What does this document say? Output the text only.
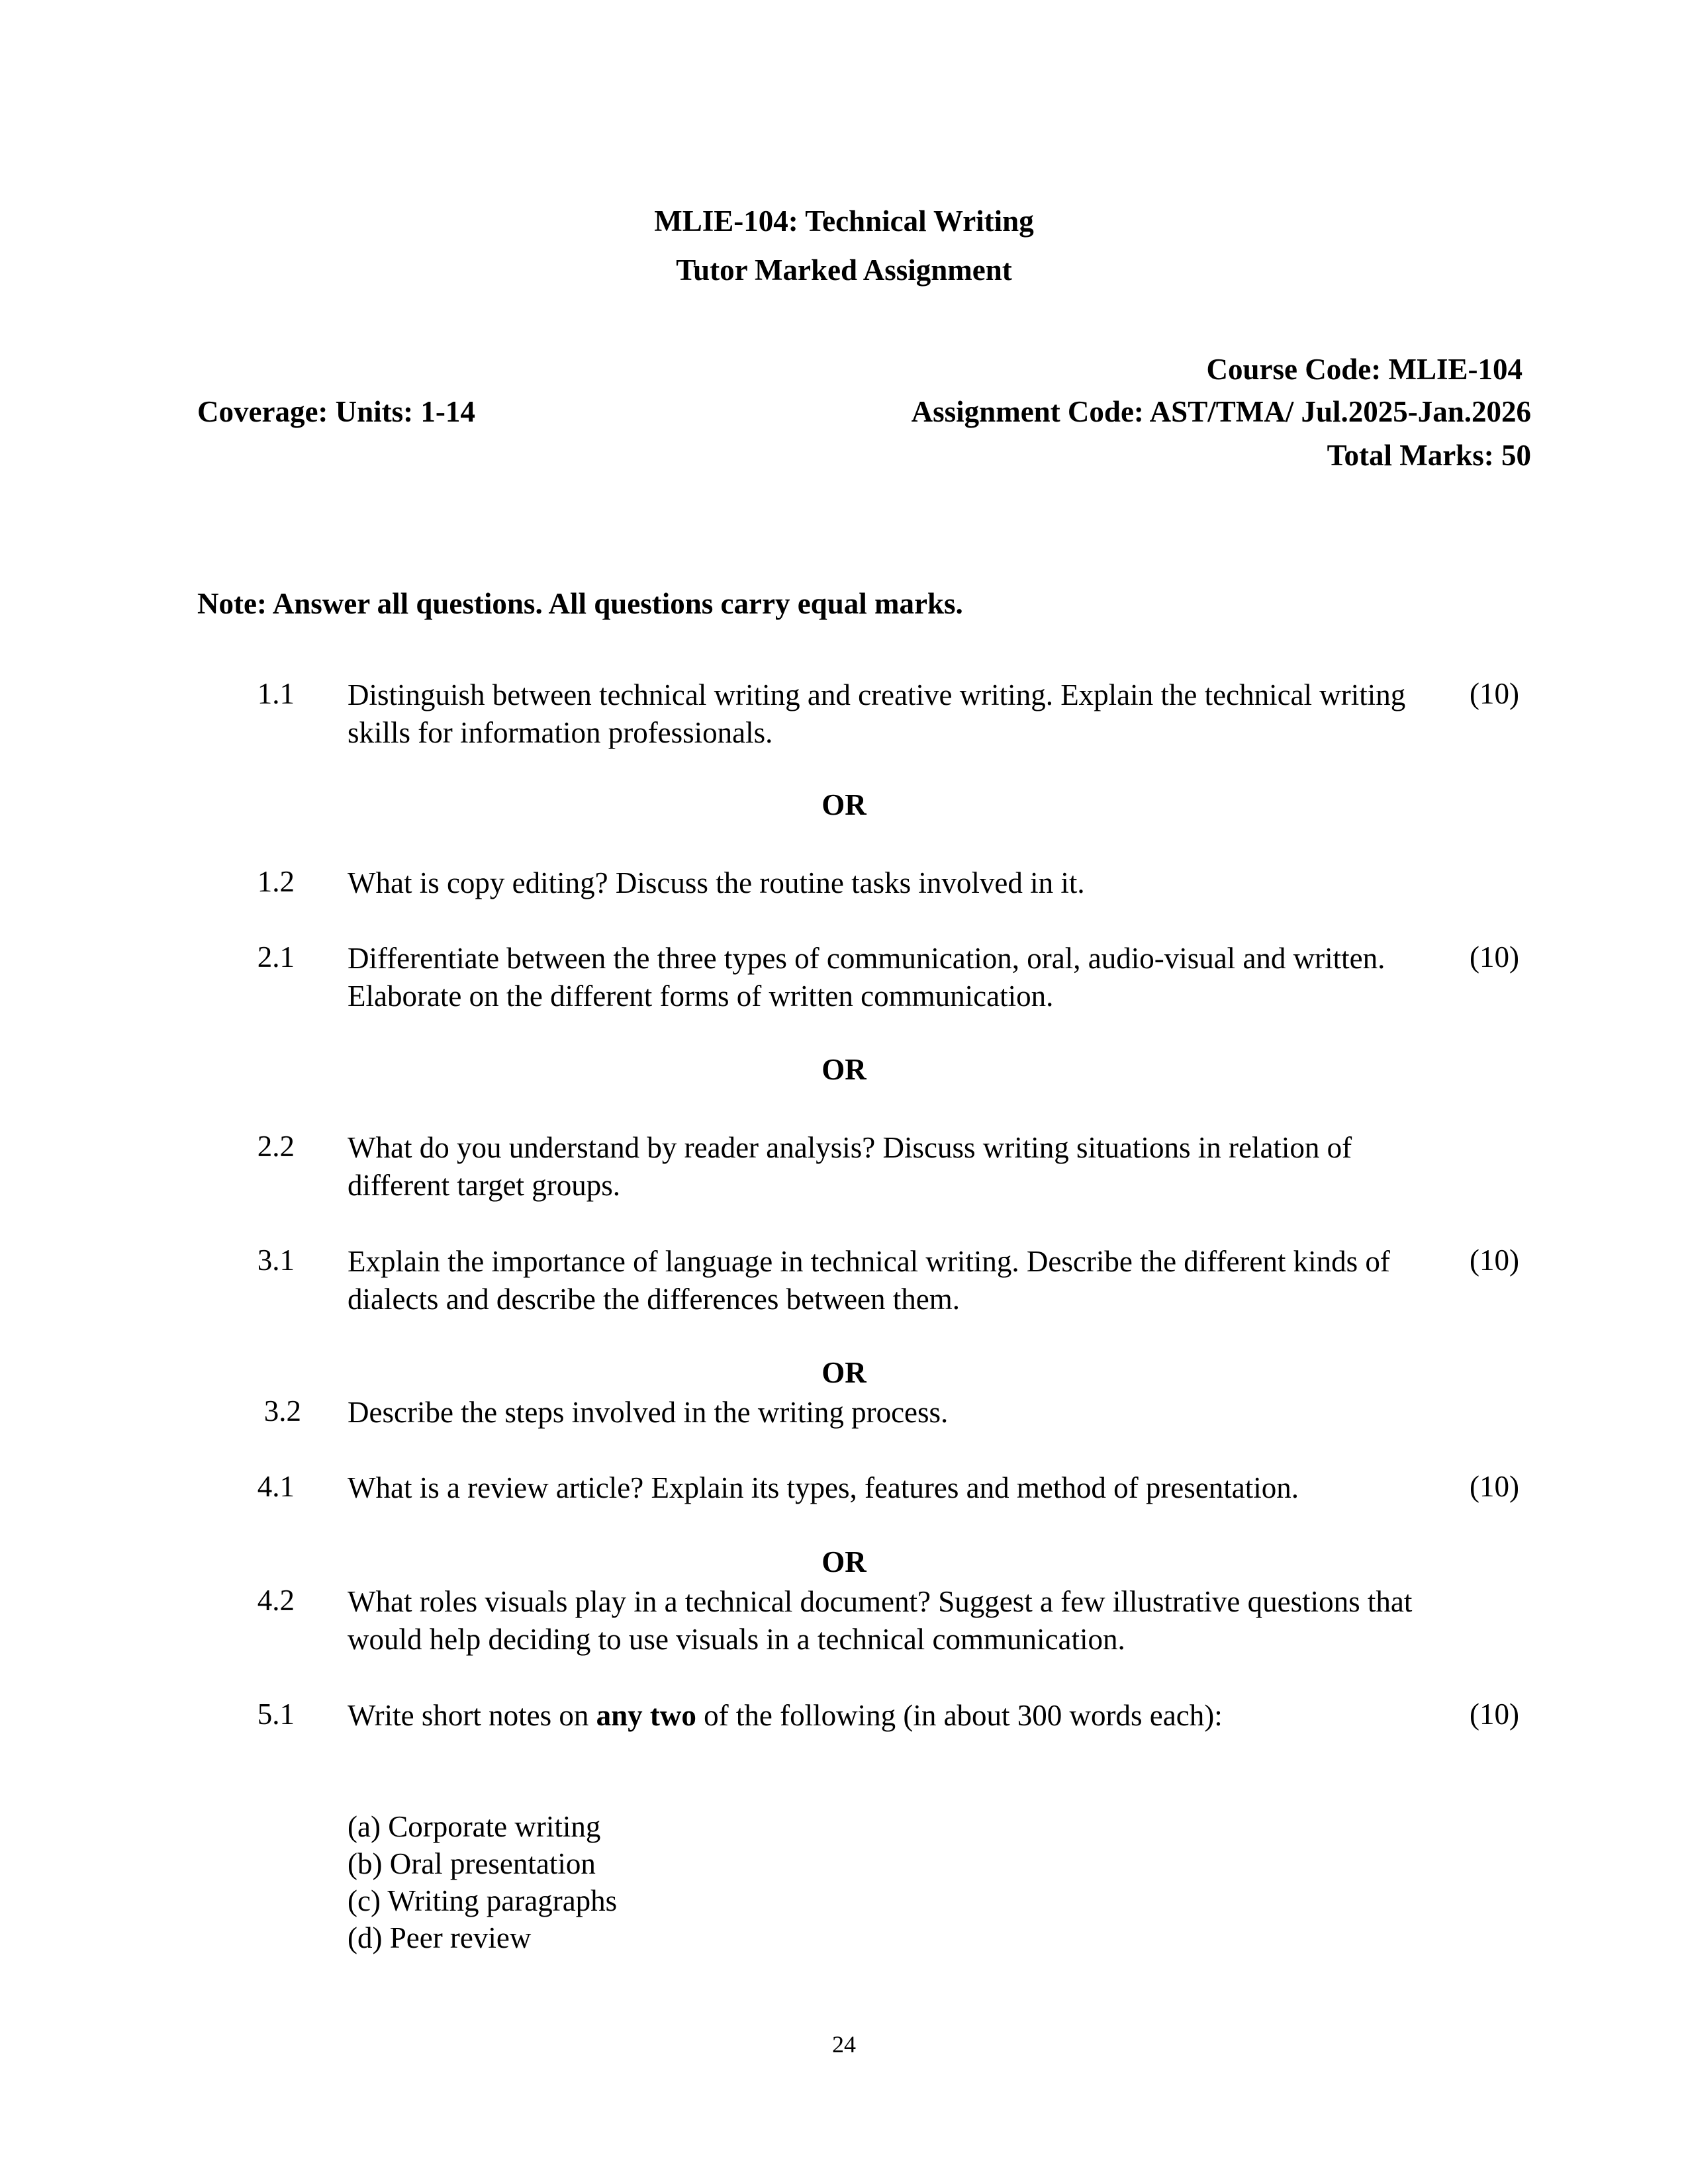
MLIE-104: Technical Writing
Tutor Marked Assignment
Course Code: MLIE-104
Coverage: Units: 1-14	Assignment Code: AST/TMA/ Jul.2025-Jan.2026
Total Marks: 50
Note: Answer all questions. All questions carry equal marks.
1.1 Distinguish between technical writing and creative writing. Explain the technical writing skills for information professionals.
(10)
OR
1.2 What is copy editing? Discuss the routine tasks involved in it.
2.1 Differentiate between the three types of communication, oral, audio-visual and written. Elaborate on the different forms of written communication.
(10)
OR
2.2 What do you understand by reader analysis? Discuss writing situations in relation of different target groups.
3.1 Explain the importance of language in technical writing. Describe the different kinds of dialects and describe the differences between them.
(10)
OR
3.2 Describe the steps involved in the writing process.
4.1 What is a review article? Explain its types, features and method of presentation.	(10)
OR
4.2 What roles visuals play in a technical document? Suggest a few illustrative questions that would help deciding to use visuals in a technical communication.
5.1 Write short notes on any two of the following (in about 300 words each):	(10)
(a) Corporate writing
(b) Oral presentation
(c) Writing paragraphs
(d) Peer review
24
